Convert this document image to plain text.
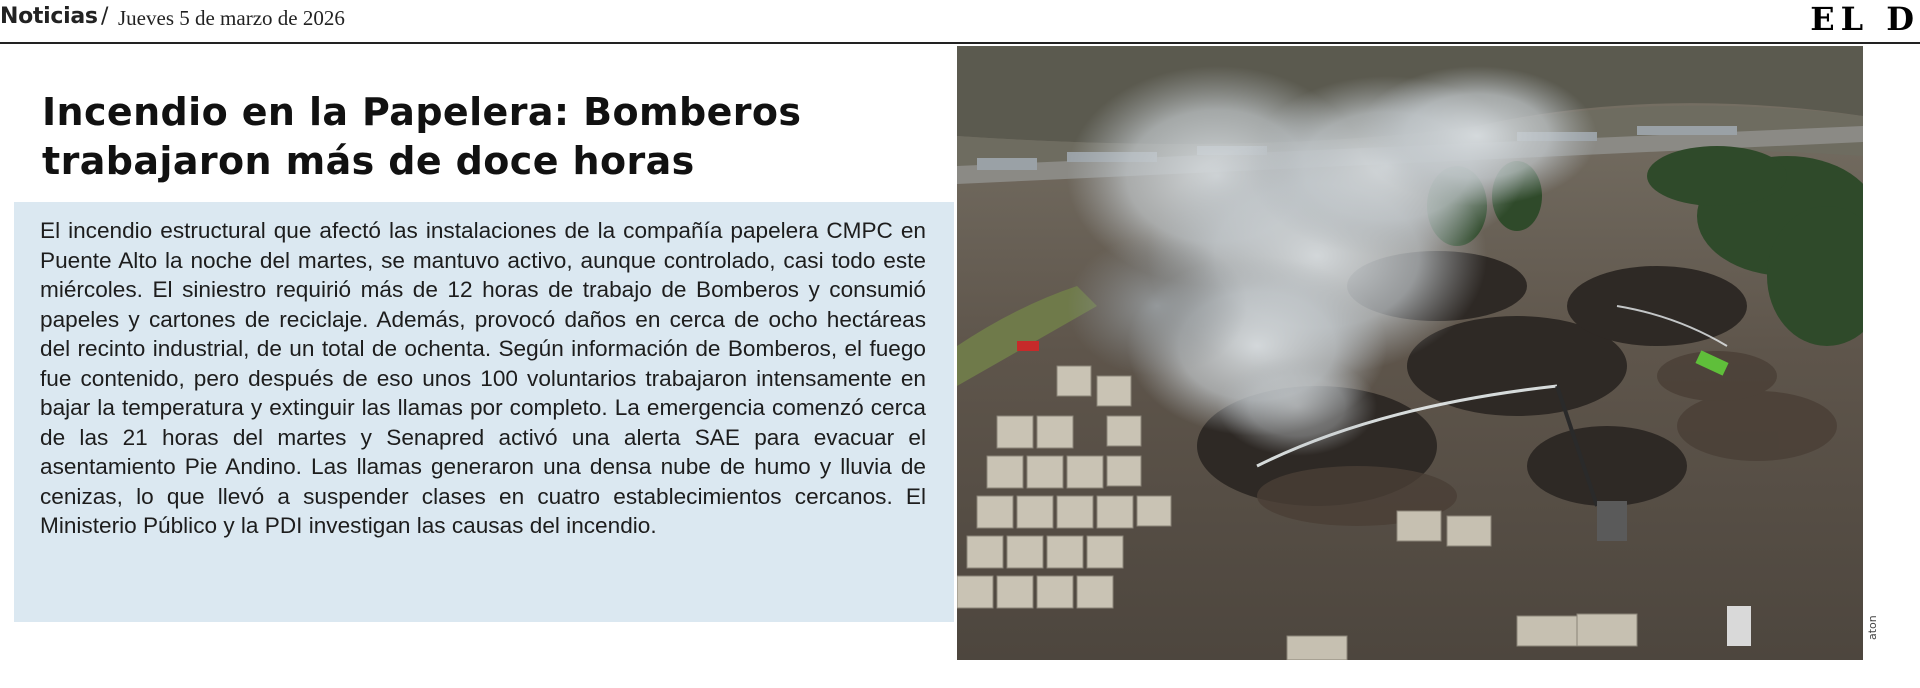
Noticias / Jueves 5 de marzo de 2026	EL D
Incendio en la Papelera: Bomberos trabajaron más de doce horas

El incendio estructural que afectó las instalaciones de la compañía papelera CMPC en Puente Alto la noche del martes, se mantuvo activo, aunque controlado, casi todo este miércoles. El siniestro requirió más de 12 horas de trabajo de Bomberos y consumió papeles y cartones de reciclaje. Además, provocó daños en cerca de ocho hectáreas del recinto industrial, de un total de ochenta. Según información de Bomberos, el fuego fue contenido, pero después de eso unos 100 voluntarios trabajaron intensamente en bajar la temperatura y extinguir las llamas por completo. La emergencia comenzó cerca de las 21 horas del martes y Senapred activó una alerta SAE para evacuar el asentamiento Pie Andino. Las llamas generaron una densa nube de humo y lluvia de cenizas, lo que llevó a suspender clases en cuatro establecimientos cercanos. El Ministerio Público y la PDI investigan las causas del incendio.

aton
